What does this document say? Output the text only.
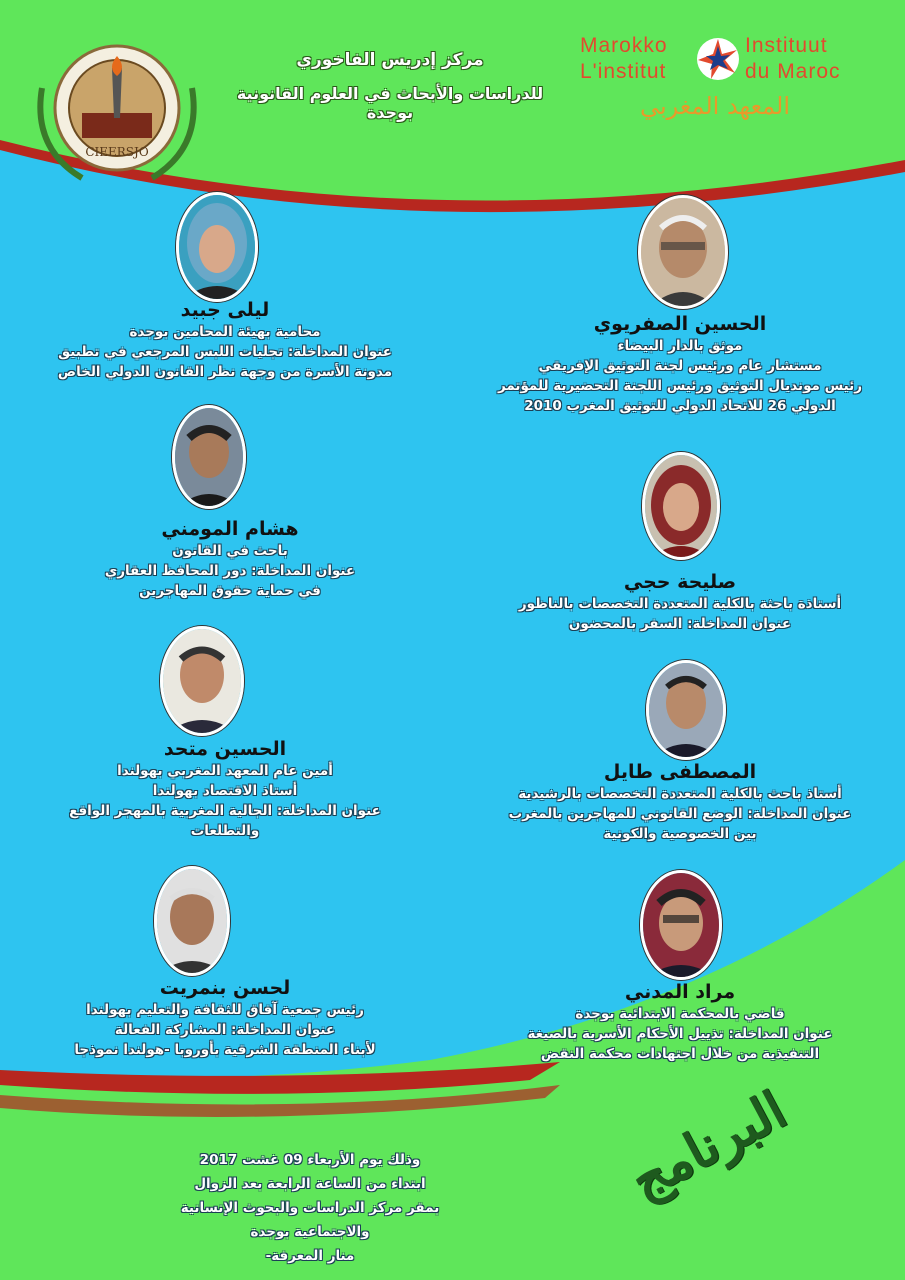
CIEERSJO
مركز إدريس الفاخوري
للدراسات والأبحاث في العلوم القانونية بوجدة
Marokko
L'institut
Instituut
du Maroc
المعهد المغربي
الحسين الصفريوي
موثق بالدار البيضاء
مستشار عام ورئيس لجنة التوثيق الإفريقي
رئيس مونديال التوثيق ورئيس اللجنة التحضيرية للمؤتمر
الدولي 26 للاتحاد الدولي للتوثيق المغرب 2010
ليلى جبيد
محامية بهيئة المحامين بوجدة
عنوان المداخلة: تجليات اللبس المرجعي في تطبيق
مدونة الأسرة من وجهة نظر القانون الدولي الخاص
هشام المومني
باحث في القانون
عنوان المداخلة: دور المحافظ العقاري
في حماية حقوق المهاجرين	صليحة حجي
أستاذة باحثة بالكلية المتعددة التخصصات بالناظور
عنوان المداخلة: السفر بالمحضون
الحسين متحد
أمين عام المعهد المغربي بهولندا
أستاذ الاقتصاد بهولندا
عنوان المداخلة: الجالية المغربية بالمهجر الواقع
والتطلعات
المصطفى طايل
أستاذ باحث بالكلية المتعددة التخصصات بالرشيدية
عنوان المداخلة: الوضع القانوني للمهاجرين بالمغرب
بين الخصوصية والكونية
لحسن بنمريت
رئيس جمعية آفاق للثقافة والتعليم بهولندا
عنوان المداخلة: المشاركة الفعالة
لأبناء المنطقة الشرقية بأوروبا -هولندا نموذجا
مراد المدني
قاضي بالمحكمة الابتدائية بوجدة
عنوان المداخلة: تذييل الأحكام الأسرية بالصيغة
التنفيذية من خلال اجتهادات محكمة النقض
البرنامج
وذلك يوم الأربعاء 09 غشت 2017
ابتداء من الساعة الرابعة بعد الزوال
بمقر مركز الدراسات والبحوث الإنسانية والاجتماعية بوجدة
منار المعرفة-
